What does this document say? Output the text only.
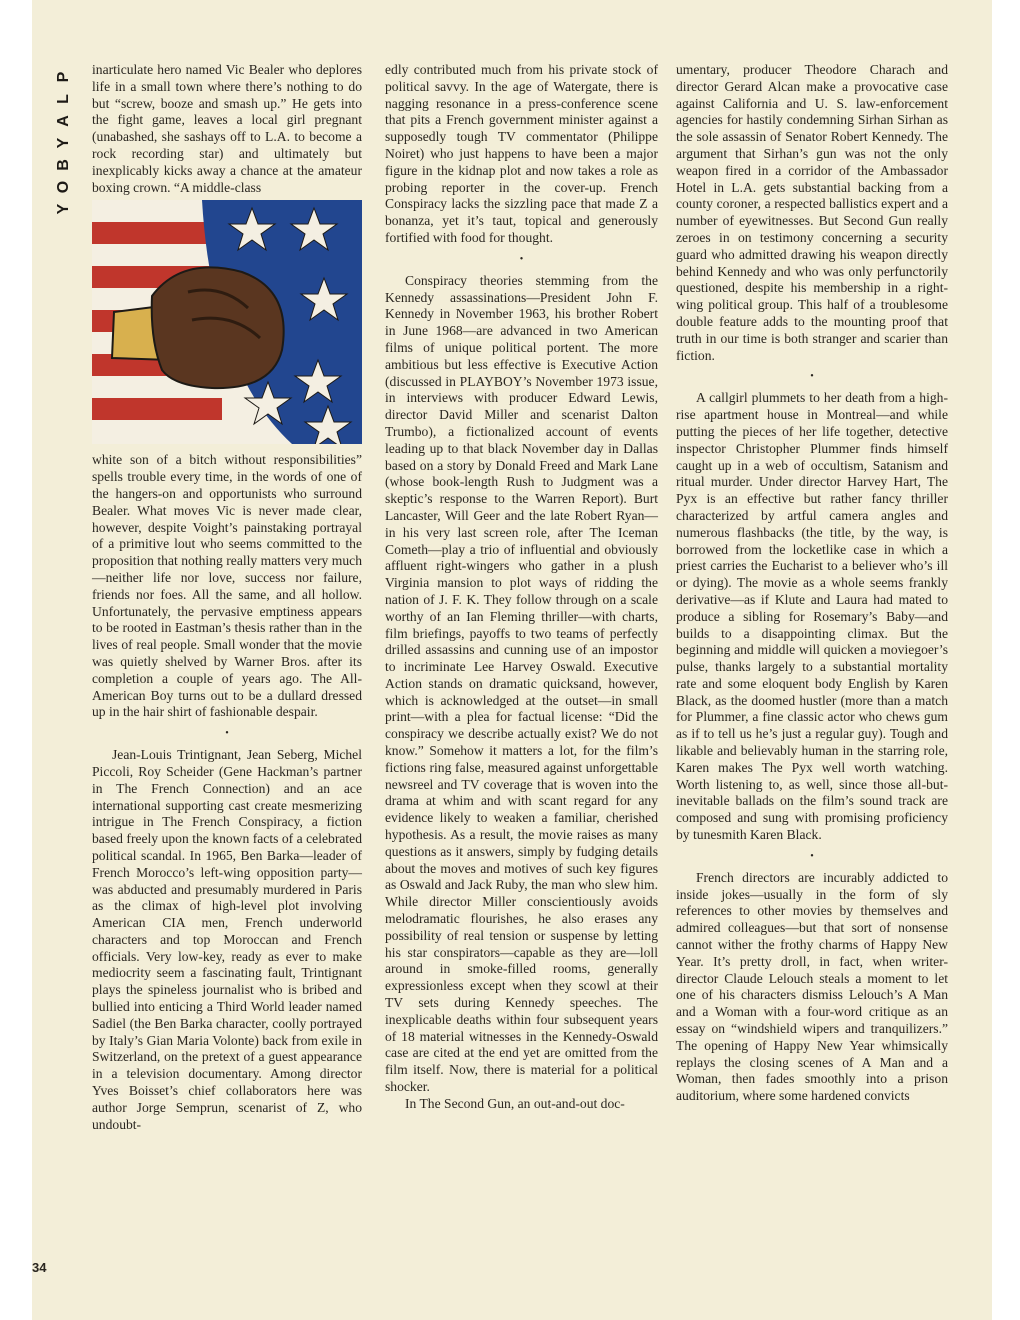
P
L
A
Y
B
O
Y

inarticulate hero named Vic Bealer who deplores life in a small town where there’s nothing to do but “screw, booze and smash up.” He gets into the fight game, leaves a local girl pregnant (unabashed, she sashays off to L.A. to become a rock recording star) and ultimately but inexplicably kicks away a chance at the amateur boxing crown. “A middle-class

white son of a bitch without responsibilities” spells trouble every time, in the words of one of the hangers-on and opportunists who surround Bealer. What moves Vic is never made clear, however, despite Voight’s painstaking portrayal of a primitive lout who seems committed to the proposition that nothing really matters very much—neither life nor love, success nor failure, friends nor foes. All the same, and all hollow. Unfortunately, the pervasive emptiness appears to be rooted in Eastman’s thesis rather than in the lives of real people. Small wonder that the movie was quietly shelved by Warner Bros. after its completion a couple of years ago. The All-American Boy turns out to be a dullard dressed up in the hair shirt of fashionable despair.

•

Jean-Louis Trintignant, Jean Seberg, Michel Piccoli, Roy Scheider (Gene Hackman’s partner in The French Connection) and an ace international supporting cast create mesmerizing intrigue in The French Conspiracy, a fiction based freely upon the known facts of a celebrated political scandal. In 1965, Ben Barka—leader of French Morocco’s left-wing opposition party—was abducted and presumably murdered in Paris as the climax of high-level plot involving American CIA men, French underworld characters and top Moroccan and French officials. Very low-key, ready as ever to make mediocrity seem a fascinating fault, Trintignant plays the spineless journalist who is bribed and bullied into enticing a Third World leader named Sadiel (the Ben Barka character, coolly portrayed by Italy’s Gian Maria Volonte) back from exile in Switzerland, on the pretext of a guest appearance in a television documentary. Among director Yves Boisset’s chief collaborators here was author Jorge Semprun, scenarist of Z, who undoubt-

edly contributed much from his private stock of political savvy. In the age of Watergate, there is nagging resonance in a press-conference scene that pits a French government minister against a supposedly tough TV commentator (Philippe Noiret) who just happens to have been a major figure in the kidnap plot and now takes a role as probing reporter in the cover-up. French Conspiracy lacks the sizzling pace that made Z a bonanza, yet it’s taut, topical and generously fortified with food for thought.

•

Conspiracy theories stemming from the Kennedy assassinations—President John F. Kennedy in November 1963, his brother Robert in June 1968—are advanced in two American films of unique political portent. The more ambitious but less effective is Executive Action (discussed in PLAYBOY’s November 1973 issue, in interviews with producer Edward Lewis, director David Miller and scenarist Dalton Trumbo), a fictionalized account of events leading up to that black November day in Dallas based on a story by Donald Freed and Mark Lane (whose book-length Rush to Judgment was a skeptic’s response to the Warren Report). Burt Lancaster, Will Geer and the late Robert Ryan—in his very last screen role, after The Iceman Cometh—play a trio of influential and obviously affluent right-wingers who gather in a plush Virginia mansion to plot ways of ridding the nation of J. F. K. They follow through on a scale worthy of an Ian Fleming thriller—with charts, film briefings, payoffs to two teams of perfectly drilled assassins and cunning use of an impostor to incriminate Lee Harvey Oswald. Executive Action stands on dramatic quicksand, however, which is acknowledged at the outset—in small print—with a plea for factual license: “Did the conspiracy we describe actually exist? We do not know.” Somehow it matters a lot, for the film’s fictions ring false, measured against unforgettable newsreel and TV coverage that is woven into the drama at whim and with scant regard for any evidence likely to weaken a familiar, cherished hypothesis. As a result, the movie raises as many questions as it answers, simply by fudging details about the moves and motives of such key figures as Oswald and Jack Ruby, the man who slew him. While director Miller conscientiously avoids melodramatic flourishes, he also erases any possibility of real tension or suspense by letting his star conspirators—capable as they are—loll around in smoke-filled rooms, generally expressionless except when they scowl at their TV sets during Kennedy speeches. The inexplicable deaths within four subsequent years of 18 material witnesses in the Kennedy-Oswald case are cited at the end yet are omitted from the film itself. Now, there is material for a political shocker.

In The Second Gun, an out-and-out doc-

umentary, producer Theodore Charach and director Gerard Alcan make a provocative case against California and U. S. law-enforcement agencies for hastily condemning Sirhan Sirhan as the sole assassin of Senator Robert Kennedy. The argument that Sirhan’s gun was not the only weapon fired in a corridor of the Ambassador Hotel in L.A. gets substantial backing from a county coroner, a respected ballistics expert and a number of eyewitnesses. But Second Gun really zeroes in on testimony concerning a security guard who admitted drawing his weapon directly behind Kennedy and who was only perfunctorily questioned, despite his membership in a right-wing political group. This half of a troublesome double feature adds to the mounting proof that truth in our time is both stranger and scarier than fiction.

•

A callgirl plummets to her death from a high-rise apartment house in Montreal—and while putting the pieces of her life together, detective inspector Christopher Plummer finds himself caught up in a web of occultism, Satanism and ritual murder. Under director Harvey Hart, The Pyx is an effective but rather fancy thriller characterized by artful camera angles and numerous flashbacks (the title, by the way, is borrowed from the locketlike case in which a priest carries the Eucharist to a believer who’s ill or dying). The movie as a whole seems frankly derivative—as if Klute and Laura had mated to produce a sibling for Rosemary’s Baby—and builds to a disappointing climax. But the beginning and middle will quicken a moviegoer’s pulse, thanks largely to a substantial mortality rate and some eloquent body English by Karen Black, as the doomed hustler (more than a match for Plummer, a fine classic actor who chews gum as if to tell us he’s just a regular guy). Tough and likable and believably human in the starring role, Karen makes The Pyx well worth watching. Worth listening to, as well, since those all-but-inevitable ballads on the film’s sound track are composed and sung with promising proficiency by tunesmith Karen Black.

•

French directors are incurably addicted to inside jokes—usually in the form of sly references to other movies by themselves and admired colleagues—but that sort of nonsense cannot wither the frothy charms of Happy New Year. It’s pretty droll, in fact, when writer-director Claude Lelouch steals a moment to let one of his characters dismiss Lelouch’s A Man and a Woman with a four-word critique as an essay on “windshield wipers and tranquilizers.” The opening of Happy New Year whimsically replays the closing scenes of A Man and a Woman, then fades smoothly into a prison auditorium, where some hardened convicts

34
